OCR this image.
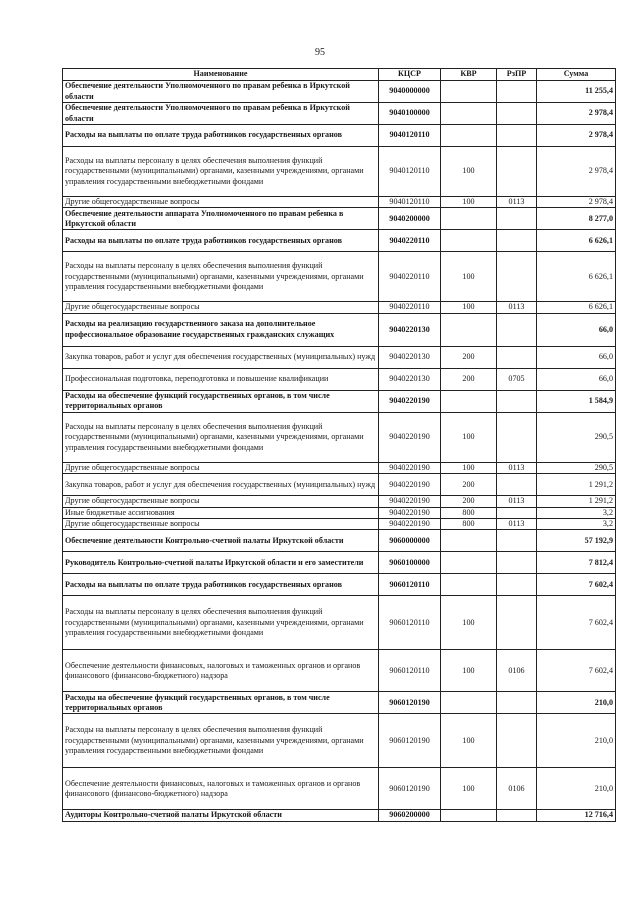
95
Наименование	КЦСР	КВР	РзПР	Сумма
Обеспечение деятельности Уполномоченного по правам ребенка в Иркутской области	9040000000			11 255,4
Обеспечение деятельности Уполномоченного по правам ребенка в Иркутской области	9040100000			2 978,4
Расходы на выплаты по оплате труда работников государственных органов	9040120110			2 978,4
Расходы на выплаты персоналу в целях обеспечения выполнения функций государственными (муниципальными) органами, казенными учреждениями, органами управления государственными внебюджетными фондами	9040120110	100		2 978,4
Другие общегосударственные вопросы	9040120110	100	0113	2 978,4
Обеспечение деятельности аппарата Уполномоченного по правам ребенка в Иркутской области	9040200000			8 277,0
Расходы на выплаты по оплате труда работников государственных органов	9040220110			6 626,1
Расходы на выплаты персоналу в целях обеспечения выполнения функций государственными (муниципальными) органами, казенными учреждениями, органами управления государственными внебюджетными фондами	9040220110	100		6 626,1
Другие общегосударственные вопросы	9040220110	100	0113	6 626,1
Расходы на реализацию государственного заказа на дополнительное профессиональное образование государственных гражданских служащих	9040220130			66,0
Закупка товаров, работ и услуг для обеспечения государственных (муниципальных) нужд	9040220130	200		66,0
Профессиональная подготовка, переподготовка и повышение квалификации	9040220130	200	0705	66,0
Расходы на обеспечение функций государственных органов, в том числе территориальных органов	9040220190			1 584,9
Расходы на выплаты персоналу в целях обеспечения выполнения функций государственными (муниципальными) органами, казенными учреждениями, органами управления государственными внебюджетными фондами	9040220190	100		290,5
Другие общегосударственные вопросы	9040220190	100	0113	290,5
Закупка товаров, работ и услуг для обеспечения государственных (муниципальных) нужд	9040220190	200		1 291,2
Другие общегосударственные вопросы	9040220190	200	0113	1 291,2
Иные бюджетные ассигнования	9040220190	800		3,2
Другие общегосударственные вопросы	9040220190	800	0113	3,2
Обеспечение деятельности Контрольно-счетной палаты Иркутской области	9060000000			57 192,9
Руководитель Контрольно-счетной палаты Иркутской области и его заместители	9060100000			7 812,4
Расходы на выплаты по оплате труда работников государственных органов	9060120110			7 602,4
Расходы на выплаты персоналу в целях обеспечения выполнения функций государственными (муниципальными) органами, казенными учреждениями, органами управления государственными внебюджетными фондами	9060120110	100		7 602,4
Обеспечение деятельности финансовых, налоговых и таможенных органов и органов финансового (финансово-бюджетного) надзора	9060120110	100	0106	7 602,4
Расходы на обеспечение функций государственных органов, в том числе территориальных органов	9060120190			210,0
Расходы на выплаты персоналу в целях обеспечения выполнения функций государственными (муниципальными) органами, казенными учреждениями, органами управления государственными внебюджетными фондами	9060120190	100		210,0
Обеспечение деятельности финансовых, налоговых и таможенных органов и органов финансового (финансово-бюджетного) надзора	9060120190	100	0106	210,0
Аудиторы Контрольно-счетной палаты Иркутской области	9060200000			12 716,4
